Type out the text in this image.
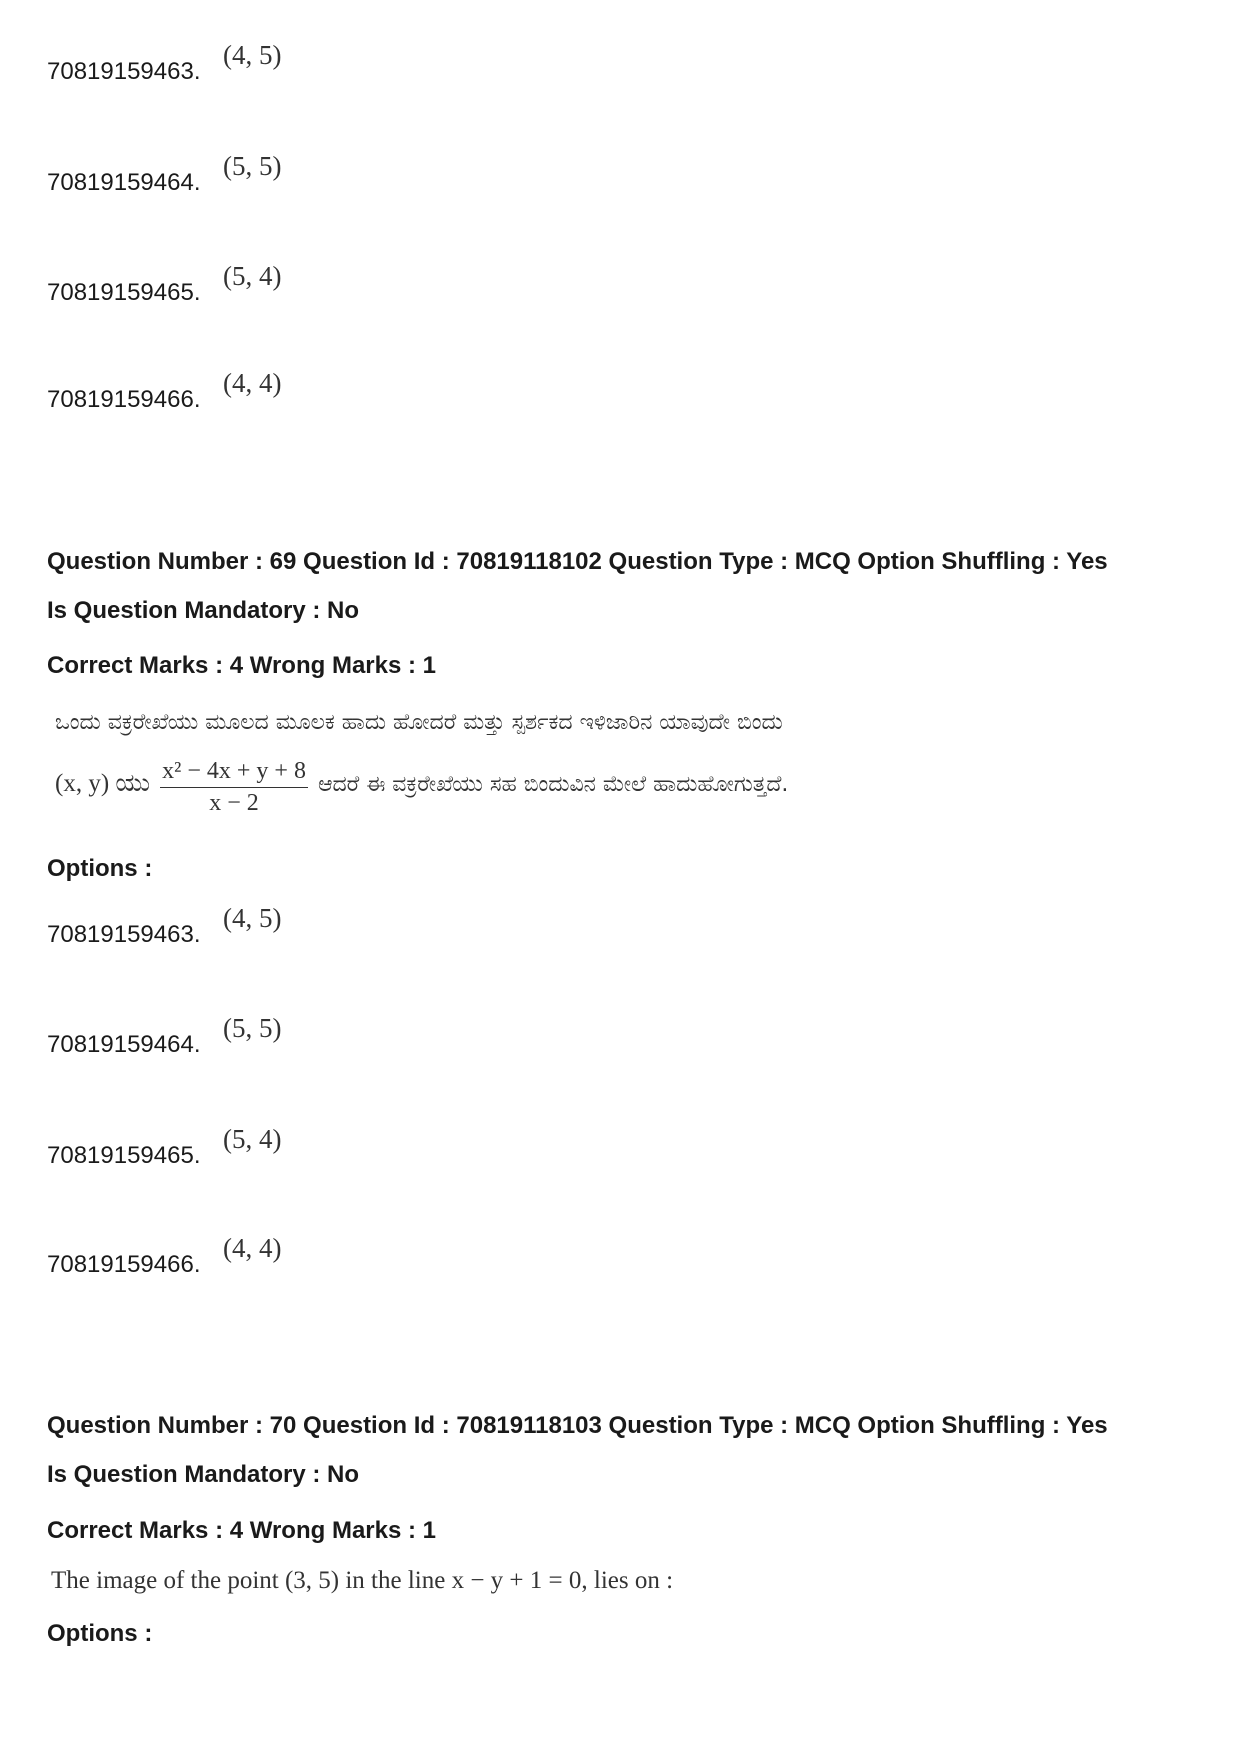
70819159463.
(4, 5)
70819159464.
(5, 5)
70819159465.
(5, 4)
70819159466.
(4, 4)
Question Number : 69 Question Id : 70819118102 Question Type : MCQ Option Shuffling : Yes
Is Question Mandatory : No
Correct Marks : 4 Wrong Marks : 1
ಒಂದು ವಕ್ರರೇಖೆಯು ಮೂಲದ ಮೂಲಕ ಹಾದು ಹೋದರೆ ಮತ್ತು ಸ್ಪರ್ಶಕದ ಇಳಿಜಾರಿನ ಯಾವುದೇ ಬಿಂದು
(x, y) ಯು $\frac{\text{x² − 4x + y + 8}}{x - 2}$ ಆದರೆ ಈ ವಕ್ರರೇಖೆಯು ಸಹ ಬಿಂದುವಿನ ಮೇಲೆ ಹಾದುಹೋಗುತ್ತದೆ.
Options :
70819159463.
(4, 5)
70819159464.
(5, 5)
70819159465.
(5, 4)
70819159466.
(4, 4)
Question Number : 70 Question Id : 70819118103 Question Type : MCQ Option Shuffling : Yes
Is Question Mandatory : No
Correct Marks : 4 Wrong Marks : 1
The image of the point (3, 5) in the line x − y + 1 = 0, lies on :
Options :
